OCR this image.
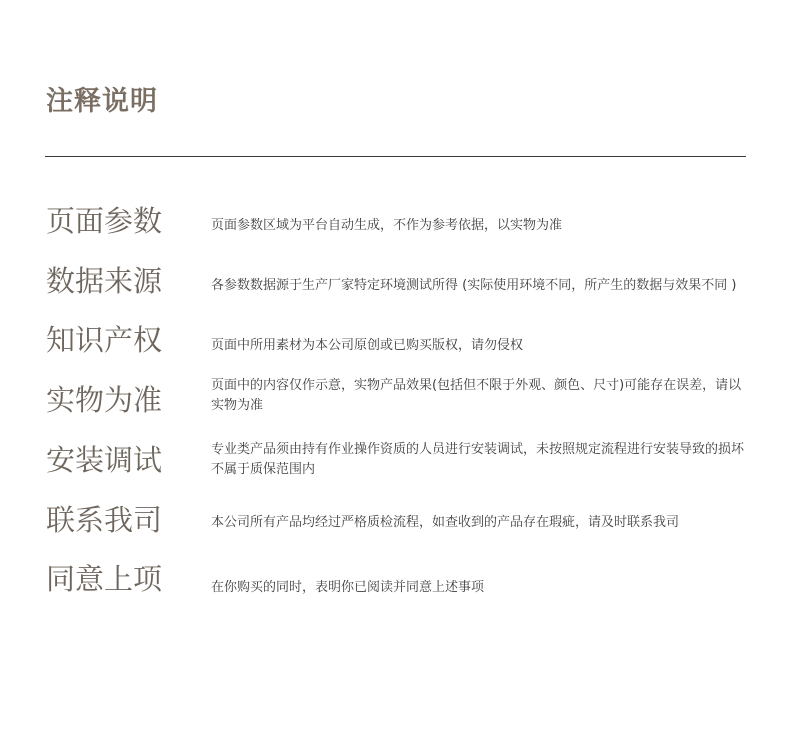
注释说明
页面参数	页面参数区域为平台自动生成，不作为参考依据，以实物为准
数据来源	各参数数据源于生产厂家特定环境测试所得 (实际使用环境不同，所产生的数据与效果不同 )
知识产权	页面中所用素材为本公司原创或已购买版权，请勿侵权
实物为准	页面中的内容仅作示意，实物产品效果(包括但不限于外观、颜色、尺寸)可能存在误差，请以实物为准
安装调试	专业类产品须由持有作业操作资质的人员进行安装调试，未按照规定流程进行安装导致的损坏不属于质保范围内
联系我司	本公司所有产品均经过严格质检流程，如查收到的产品存在瑕疵，请及时联系我司
同意上项	在你购买的同时，表明你已阅读并同意上述事项
